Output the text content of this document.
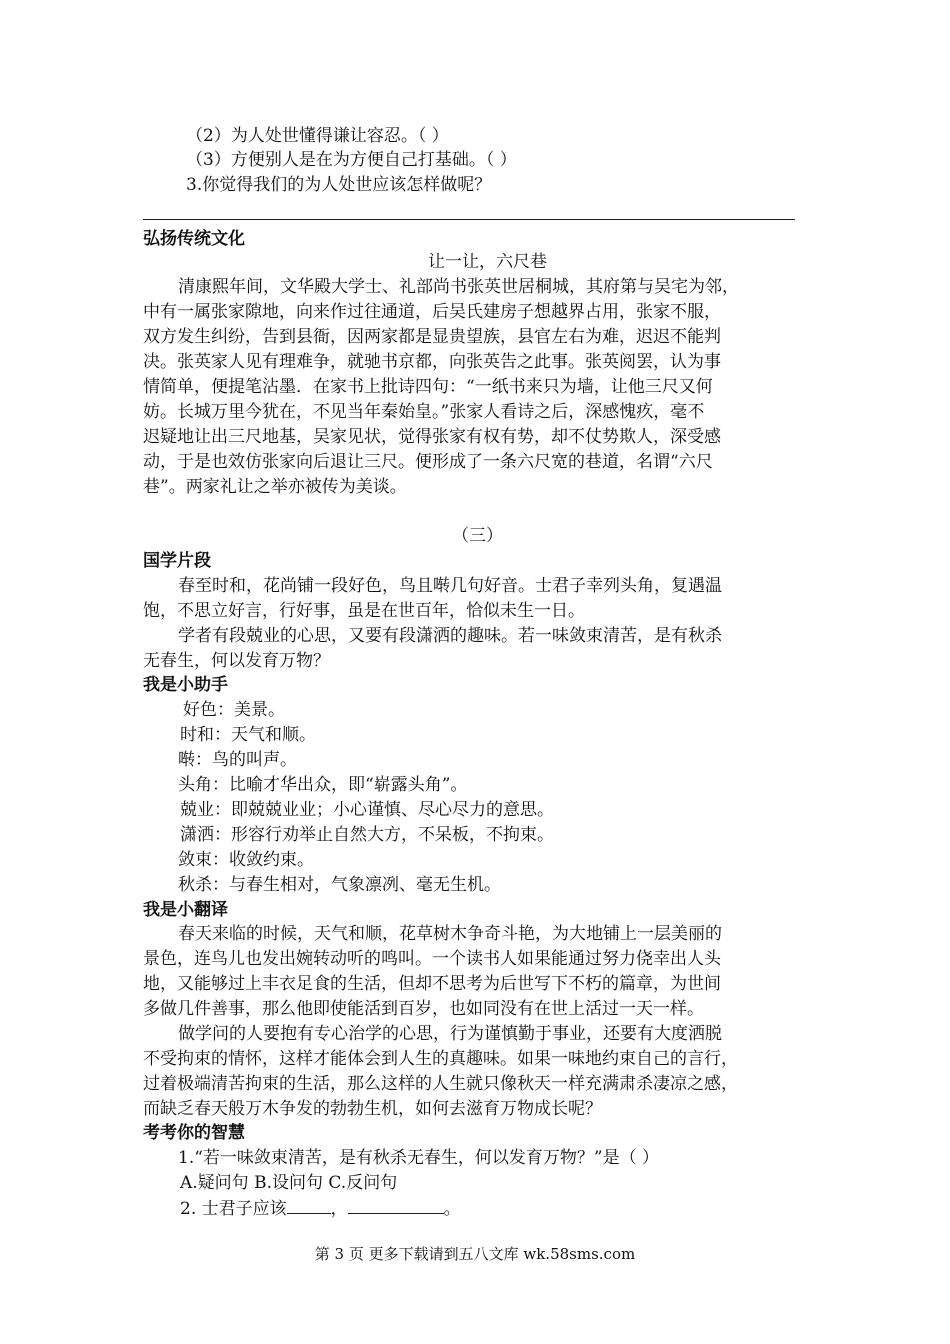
（2）为人处世懂得谦让容忍。（ ）
（3）方便别人是在为方便自己打基础。（ ）
3.你觉得我们的为人处世应该怎样做呢？
弘扬传统文化
让一让，六尺巷
清康熙年间，文华殿大学士、礼部尚书张英世居桐城，其府第与吴宅为邻，
中有一属张家隙地，向来作过往通道，后吴氏建房子想越界占用，张家不服，
双方发生纠纷，告到县衙，因两家都是显贵望族，县官左右为难，迟迟不能判
决。张英家人见有理难争，就驰书京都，向张英告之此事。张英阅罢，认为事
情简单，便提笔沾墨．在家书上批诗四句：“一纸书来只为墙，让他三尺又何
妨。长城万里今犹在，不见当年秦始皇。”张家人看诗之后，深感愧疚，毫不
迟疑地让出三尺地基，吴家见状，觉得张家有权有势，却不仗势欺人，深受感
动，于是也效仿张家向后退让三尺。便形成了一条六尺宽的巷道，名谓“六尺
巷”。两家礼让之举亦被传为美谈。
（三）
国学片段
春至时和，花尚铺一段好色，鸟且啭几句好音。士君子幸列头角，复遇温
饱，不思立好言，行好事，虽是在世百年，恰似未生一日。
学者有段兢业的心思，又要有段潇洒的趣味。若一味敛束清苦，是有秋杀
无春生，何以发育万物？
我是小助手
好色：美景。
时和：天气和顺。
啭：鸟的叫声。
头角：比喻才华出众，即“崭露头角”。
兢业：即兢兢业业；小心谨慎、尽心尽力的意思。
潇洒：形容行劝举止自然大方，不呆板，不拘束。
敛束：收敛约束。
秋杀：与春生相对，气象凛冽、毫无生机。
我是小翻译
春天来临的时候，天气和顺，花草树木争奇斗艳，为大地铺上一层美丽的
景色，连鸟儿也发出婉转动听的鸣叫。一个读书人如果能通过努力侥幸出人头
地，又能够过上丰衣足食的生活，但却不思考为后世写下不朽的篇章，为世间
多做几件善事，那么他即使能活到百岁，也如同没有在世上活过一天一样。
做学问的人要抱有专心治学的心思，行为谨慎勤于事业，还要有大度洒脱
不受拘束的情怀，这样才能体会到人生的真趣味。如果一味地约束自己的言行，
过着极端清苦拘束的生活，那么这样的人生就只像秋天一样充满肃杀凄凉之感，
而缺乏春天般万木争发的勃勃生机，如何去滋育万物成长呢？
考考你的智慧
1.“若一味敛束清苦，是有秋杀无春生，何以发育万物？”是（ ）
A.疑问句 B.设问句 C.反问句
2. 士君子应该	，	。
第 3 页 更多下载请到五八文库 wk.58sms.com
